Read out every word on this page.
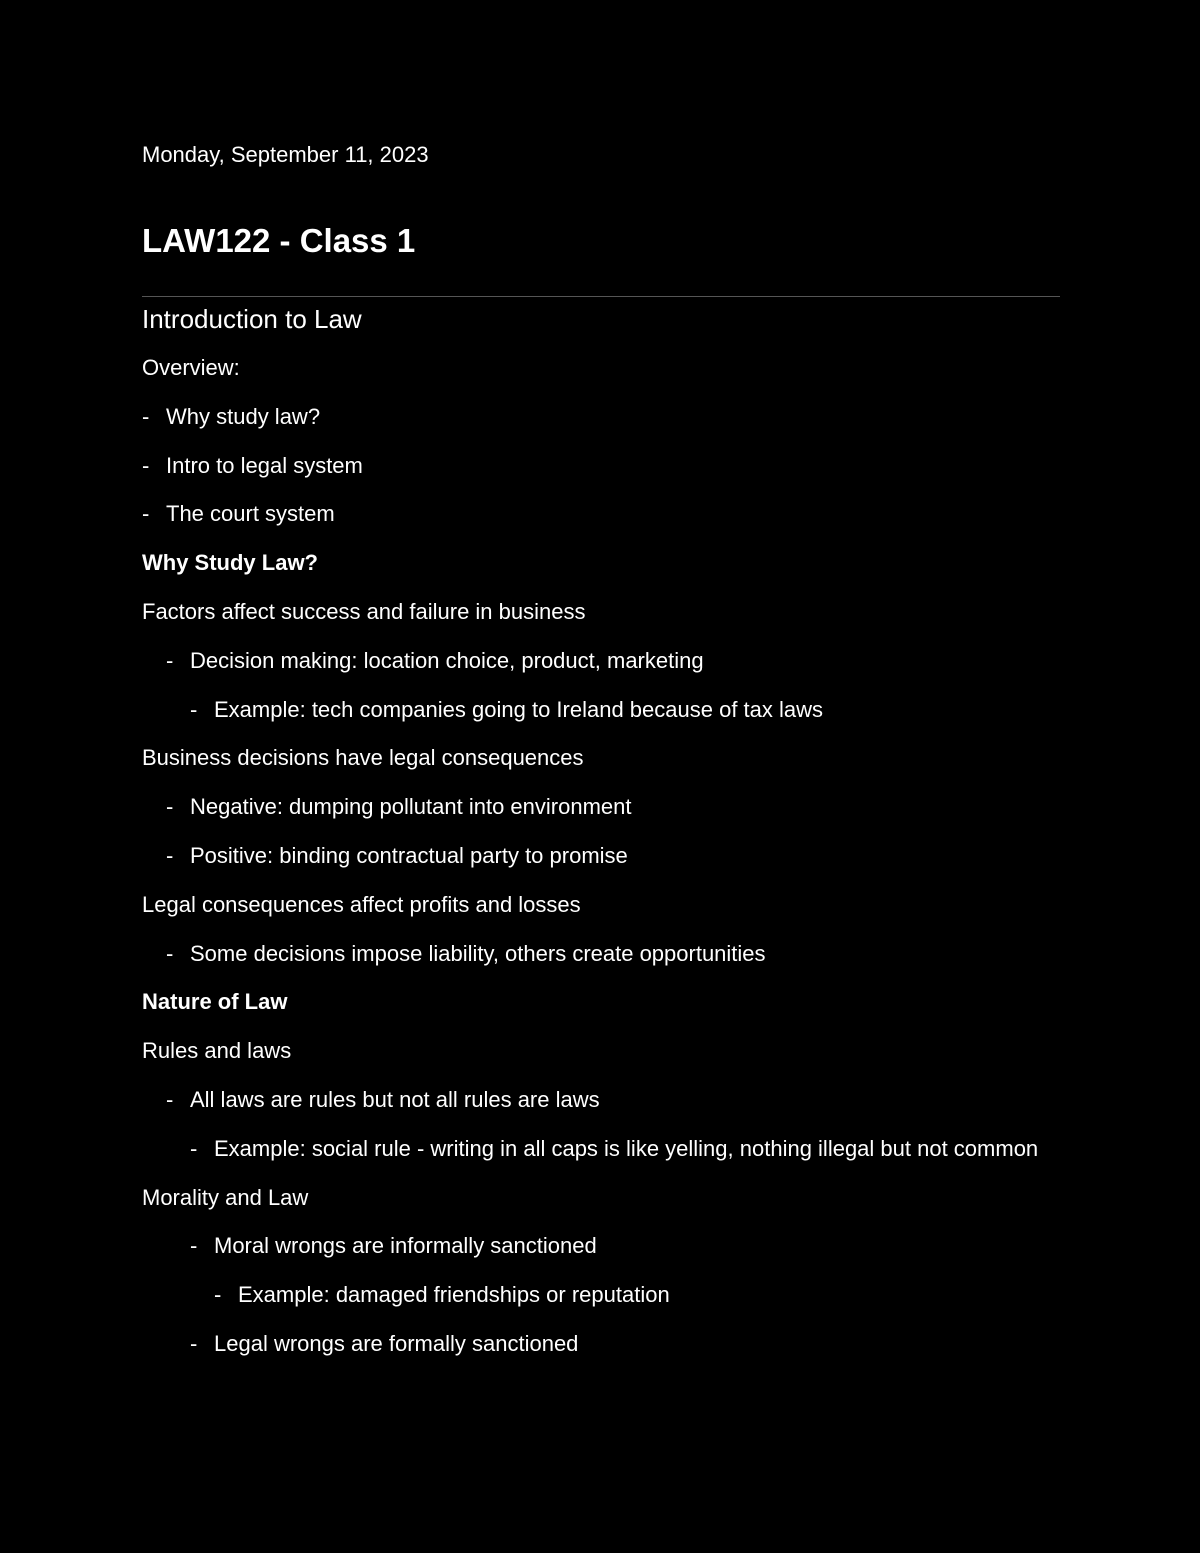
Monday, September 11, 2023
LAW122 - Class 1
Introduction to Law
Overview:
- Why study law?
- Intro to legal system
- The court system
Why Study Law?
Factors affect success and failure in business
- Decision making: location choice, product, marketing
- Example: tech companies going to Ireland because of tax laws
Business decisions have legal consequences
- Negative: dumping pollutant into environment
- Positive: binding contractual party to promise
Legal consequences affect profits and losses
- Some decisions impose liability, others create opportunities
Nature of Law
Rules and laws
- All laws are rules but not all rules are laws
- Example: social rule - writing in all caps is like yelling, nothing illegal but not common
Morality and Law
- Moral wrongs are informally sanctioned
- Example: damaged friendships or reputation
- Legal wrongs are formally sanctioned
